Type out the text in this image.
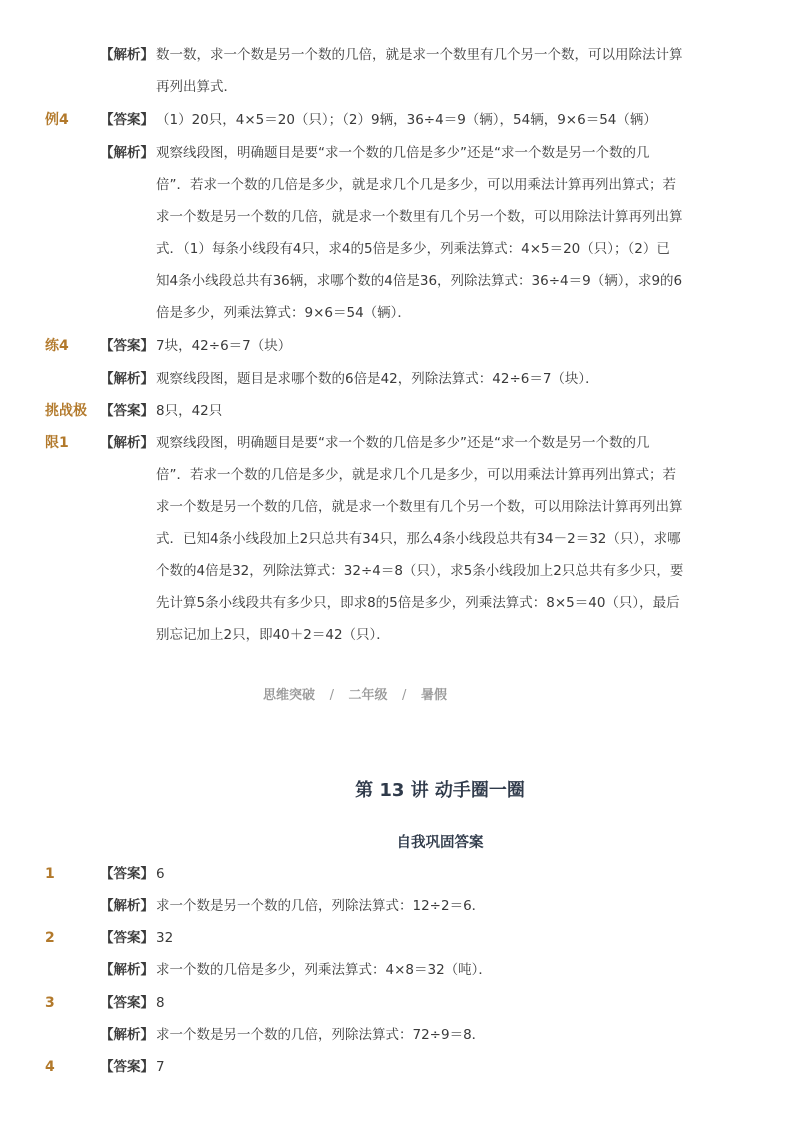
【解析】 数一数，求一个数是另一个数的几倍，就是求一个数里有几个另一个数，可以用除法计算
再列出算式．
例4 【答案】 （1）20只，4×5＝20（只）；（2）9辆，36÷4＝9（辆），54辆，9×6＝54（辆）
【解析】 观察线段图，明确题目是要“求一个数的几倍是多少”还是“求一个数是另一个数的几
倍”．若求一个数的几倍是多少，就是求几个几是多少，可以用乘法计算再列出算式；若
求一个数是另一个数的几倍，就是求一个数里有几个另一个数，可以用除法计算再列出算
式．（1）每条小线段有4只，求4的5倍是多少，列乘法算式：4×5＝20（只）；（2）已
知4条小线段总共有36辆，求哪个数的4倍是36，列除法算式：36÷4＝9（辆），求9的6
倍是多少，列乘法算式：9×6＝54（辆）．
练4 【答案】 7块，42÷6＝7（块）
【解析】 观察线段图，题目是求哪个数的6倍是42，列除法算式：42÷6＝7（块）．
挑战极 【答案】 8只，42只
限1 【解析】 观察线段图，明确题目是要“求一个数的几倍是多少”还是“求一个数是另一个数的几
倍”．若求一个数的几倍是多少，就是求几个几是多少，可以用乘法计算再列出算式；若
求一个数是另一个数的几倍，就是求一个数里有几个另一个数，可以用除法计算再列出算
式．已知4条小线段加上2只总共有34只，那么4条小线段总共有34－2＝32（只），求哪
个数的4倍是32，列除法算式：32÷4＝8（只），求5条小线段加上2只总共有多少只，要
先计算5条小线段共有多少只，即求8的5倍是多少，列乘法算式：8×5＝40（只），最后
别忘记加上2只，即40＋2＝42（只）．
思维突破 / 二年级 / 暑假
第 13 讲 动手圈一圈
自我巩固答案
1	【答案】 6
【解析】 求一个数是另一个数的几倍，列除法算式：12÷2＝6．
2	【答案】 32
【解析】 求一个数的几倍是多少，列乘法算式：4×8＝32（吨）．
3	【答案】 8
【解析】 求一个数是另一个数的几倍，列除法算式：72÷9＝8．
4	【答案】 7
